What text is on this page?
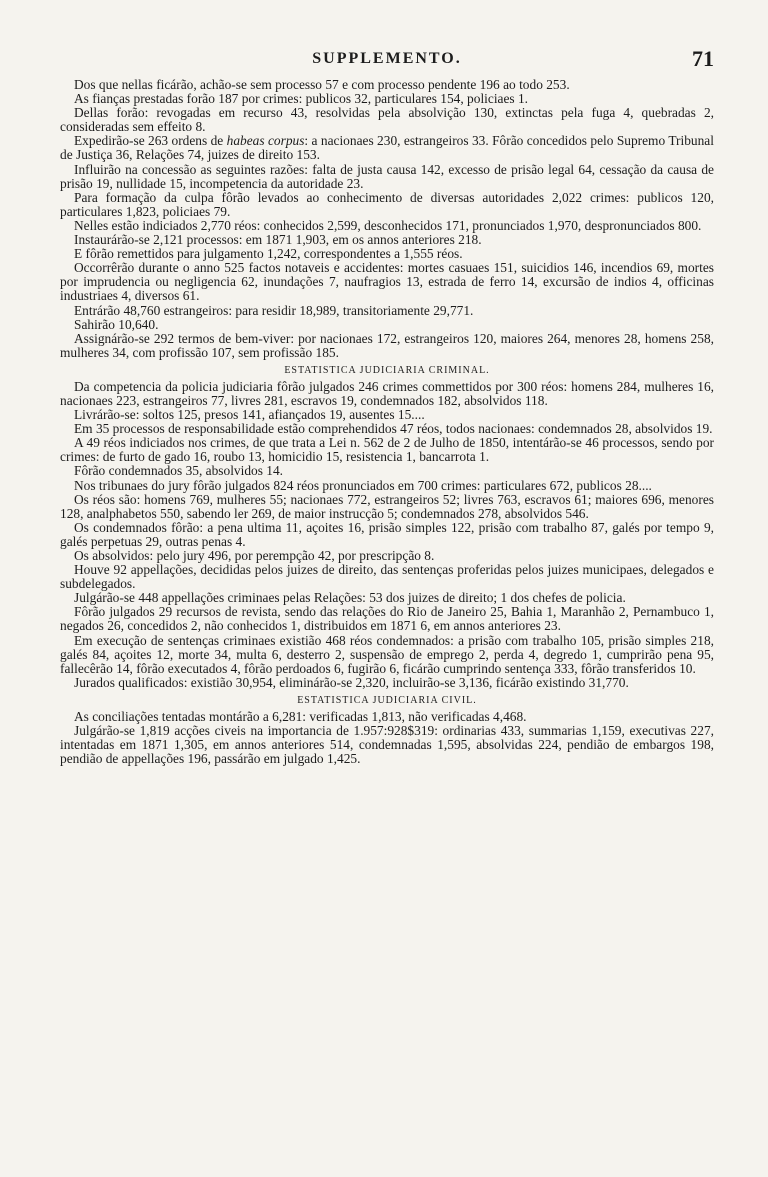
SUPPLEMENTO.	71

Dos que nellas ficárão, achão-se sem processo 57 e com processo pendente 196 ao todo 253.

As fianças prestadas forão 187 por crimes: publicos 32, particulares 154, policiaes 1.

Dellas forão: revogadas em recurso 43, resolvidas pela absolvição 130, extinctas pela fuga 4, quebradas 2, consideradas sem effeito 8.

Expedirão-se 263 ordens de habeas corpus: a nacionaes 230, estrangeiros 33. Fôrão concedidos pelo Supremo Tribunal de Justiça 36, Relações 74, juizes de direito 153.

Influirão na concessão as seguintes razões: falta de justa causa 142, excesso de prisão legal 64, cessação da causa de prisão 19, nullidade 15, incompetencia da autoridade 23.

Para formação da culpa fôrão levados ao conhecimento de diversas autoridades 2,022 crimes: publicos 120, particulares 1,823, policiaes 79.

Nelles estão indiciados 2,770 réos: conhecidos 2,599, desconhecidos 171, pronunciados 1,970, despronunciados 800.

Instaurárão-se 2,121 processos: em 1871 1,903, em os annos anteriores 218.

E fôrão remettidos para julgamento 1,242, correspondentes a 1,555 réos.

Occorrêrão durante o anno 525 factos notaveis e accidentes: mortes casuaes 151, suicidios 146, incendios 69, mortes por imprudencia ou negligencia 62, inundações 7, naufragios 13, estrada de ferro 14, excursão de indios 4, officinas industriaes 4, diversos 61.

Entrárão 48,760 estrangeiros: para residir 18,989, transitoriamente 29,771.

Sahirão 10,640.

Assignárão-se 292 termos de bem-viver: por nacionaes 172, estrangeiros 120, maiores 264, menores 28, homens 258, mulheres 34, com profissão 107, sem profissão 185.

ESTATISTICA JUDICIARIA CRIMINAL.

Da competencia da policia judiciaria fôrão julgados 246 crimes commettidos por 300 réos: homens 284, mulheres 16, nacionaes 223, estrangeiros 77, livres 281, escravos 19, condemnados 182, absolvidos 118.

Livrárão-se: soltos 125, presos 141, afiançados 19, ausentes 15....

Em 35 processos de responsabilidade estão comprehendidos 47 réos, todos nacionaes: condemnados 28, absolvidos 19.

A 49 réos indiciados nos crimes, de que trata a Lei n. 562 de 2 de Julho de 1850, intentárão-se 46 processos, sendo por crimes: de furto de gado 16, roubo 13, homicidio 15, resistencia 1, bancarrota 1.

Fôrão condemnados 35, absolvidos 14.

Nos tribunaes do jury fôrão julgados 824 réos pronunciados em 700 crimes: particulares 672, publicos 28....

Os réos são: homens 769, mulheres 55; nacionaes 772, estrangeiros 52; livres 763, escravos 61; maiores 696, menores 128, analphabetos 550, sabendo ler 269, de maior instrucção 5; condemnados 278, absolvidos 546.

Os condemnados fôrão: a pena ultima 11, açoites 16, prisão simples 122, prisão com trabalho 87, galés por tempo 9, galés perpetuas 29, outras penas 4.

Os absolvidos: pelo jury 496, por perempção 42, por prescripção 8.

Houve 92 appellações, decididas pelos juizes de direito, das sentenças proferidas pelos juizes municipaes, delegados e subdelegados.

Julgárão-se 448 appellações criminaes pelas Relações: 53 dos juizes de direito; 1 dos chefes de policia.

Fôrão julgados 29 recursos de revista, sendo das relações do Rio de Janeiro 25, Bahia 1, Maranhão 2, Pernambuco 1, negados 26, concedidos 2, não conhecidos 1, distribuidos em 1871 6, em annos anteriores 23.

Em execução de sentenças criminaes existião 468 réos condemnados: a prisão com trabalho 105, prisão simples 218, galés 84, açoites 12, morte 34, multa 6, desterro 2, suspensão de emprego 2, perda 4, degredo 1, cumprirão pena 95, fallecêrão 14, fôrão executados 4, fôrão perdoados 6, fugirão 6, ficárão cumprindo sentença 333, fôrão transferidos 10.

Jurados qualificados: existião 30,954, eliminárão-se 2,320, incluirão-se 3,136, ficárão existindo 31,770.

ESTATISTICA JUDICIARIA CIVIL.

As conciliações tentadas montárão a 6,281: verificadas 1,813, não verificadas 4,468.

Julgárão-se 1,819 acções civeis na importancia de 1.957:928$319: ordinarias 433, summarias 1,159, executivas 227, intentadas em 1871 1,305, em annos anteriores 514, condemnadas 1,595, absolvidas 224, pendião de embargos 198, pendião de appellações 196, passárão em julgado 1,425.
